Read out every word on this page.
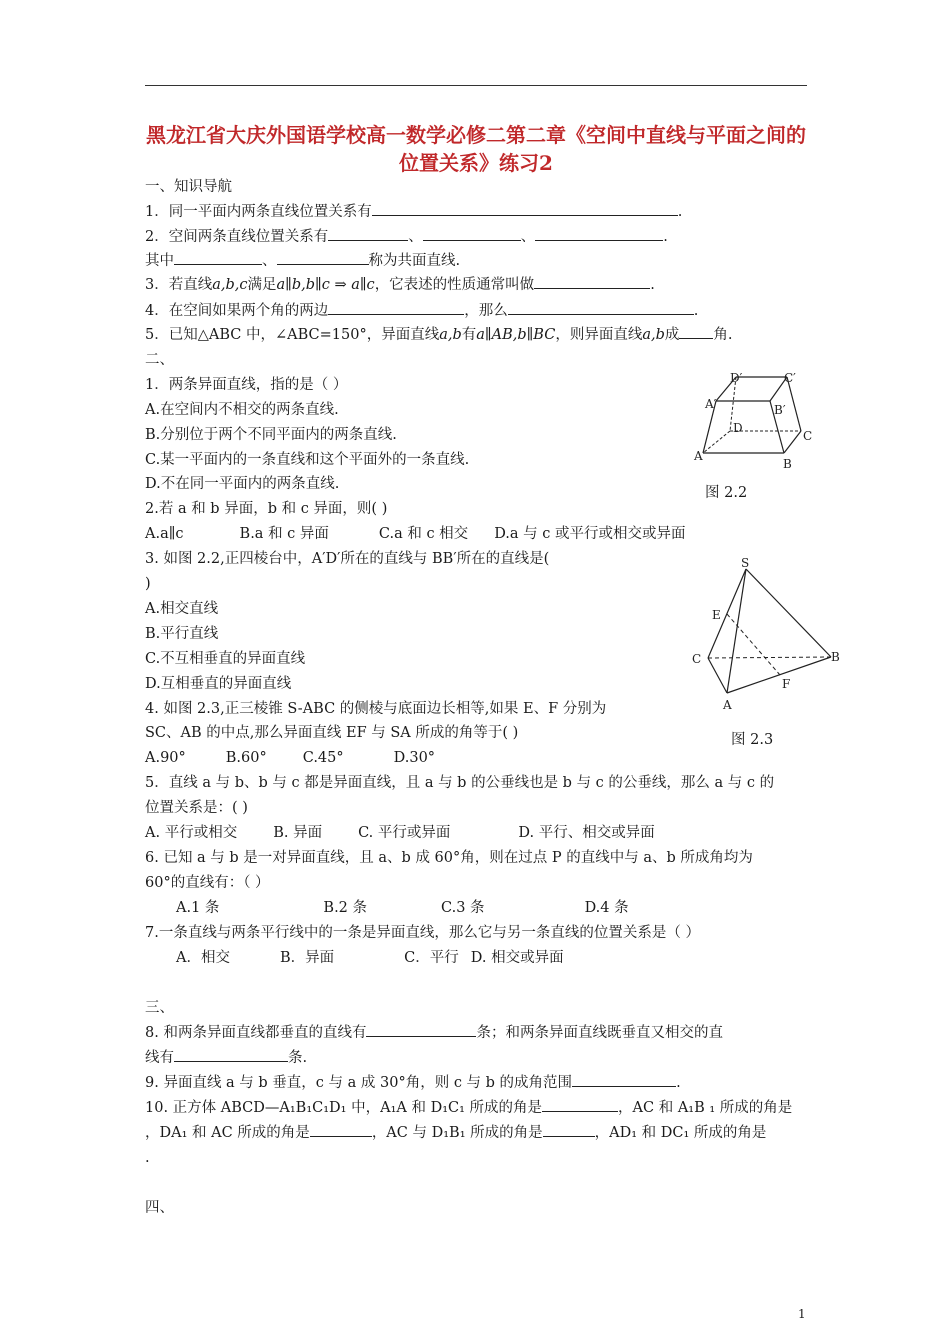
黑龙江省大庆外国语学校高一数学必修二第二章《空间中直线与平面之间的位置关系》练习2
一、知识导航
1．同一平面内两条直线位置关系有	.
2．空间两条直线位置关系有	、	、	.
其中	、	称为共面直线.
3．若直线a,b,c满足a∥b,b∥c ⇒ a∥c，它表述的性质通常叫做	.
4．在空间如果两个角的两边	，那么	.
5．已知△ABC 中，∠ABC=150°，异面直线a,b有a∥AB,b∥BC，则异面直线a,b成 角.
二、
1．两条异面直线，指的是（ ）
A.在空间内不相交的两条直线.
B.分别位于两个不同平面内的两条直线.
C.某一平面内的一条直线和这个平面外的一条直线.
D.不在同一平面内的两条直线.
2.若 a 和 b 异面，b 和 c 异面，则( )
A.a∥c	B.a 和 c 异面	C.a 和 c 相交 D.a 与 c 或平行或相交或异面
3. 如图 2.2,正四棱台中，A′D′所在的直线与 BB′所在的直线是(
)
A.相交直线
B.平行直线
C.不互相垂直的异面直线
D.互相垂直的异面直线
4. 如图 2.3,正三棱锥 S-ABC 的侧棱与底面边长相等,如果 E、F 分别为
SC、AB 的中点,那么异面直线 EF 与 SA 所成的角等于( )
A.90°	B.60° C.45°	D.30°
5．直线 a 与 b、b 与 c 都是异面直线，且 a 与 b 的公垂线也是 b 与 c 的公垂线，那么 a 与 c 的
位置关系是：( )
A. 平行或相交 B. 异面 C. 平行或异面	D. 平行、相交或异面
6. 已知 a 与 b 是一对异面直线，且 a、b 成 60°角，则在过点 P 的直线中与 a、b 所成角均为
60°的直线有：（ ）
A.1 条	B.2 条	C.3 条	D.4 条
7.一条直线与两条平行线中的一条是异面直线，那么它与另一条直线的位置关系是（ ）
A．相交	B．异面	C．平行 D. 相交或异面
三、
8. 和两条异面直线都垂直的直线有	条；和两条异面直线既垂直又相交的直
线有	条.
9. 异面直线 a 与 b 垂直，c 与 a 成 30°角，则 c 与 b 的成角范围	.
10. 正方体 ABCD—A₁B₁C₁D₁ 中，A₁A 和 D₁C₁ 所成的角是	，AC 和 A₁B ₁ 所成的角是
，DA₁ 和 AC 所成的角是	，AC 与 D₁B₁ 所成的角是	，AD₁ 和 DC₁ 所成的角是
.
四、
D′	C′
A′	B′
D
C
A
B
图 2.2
S
E
C	B
F
A
图 2.3
1
